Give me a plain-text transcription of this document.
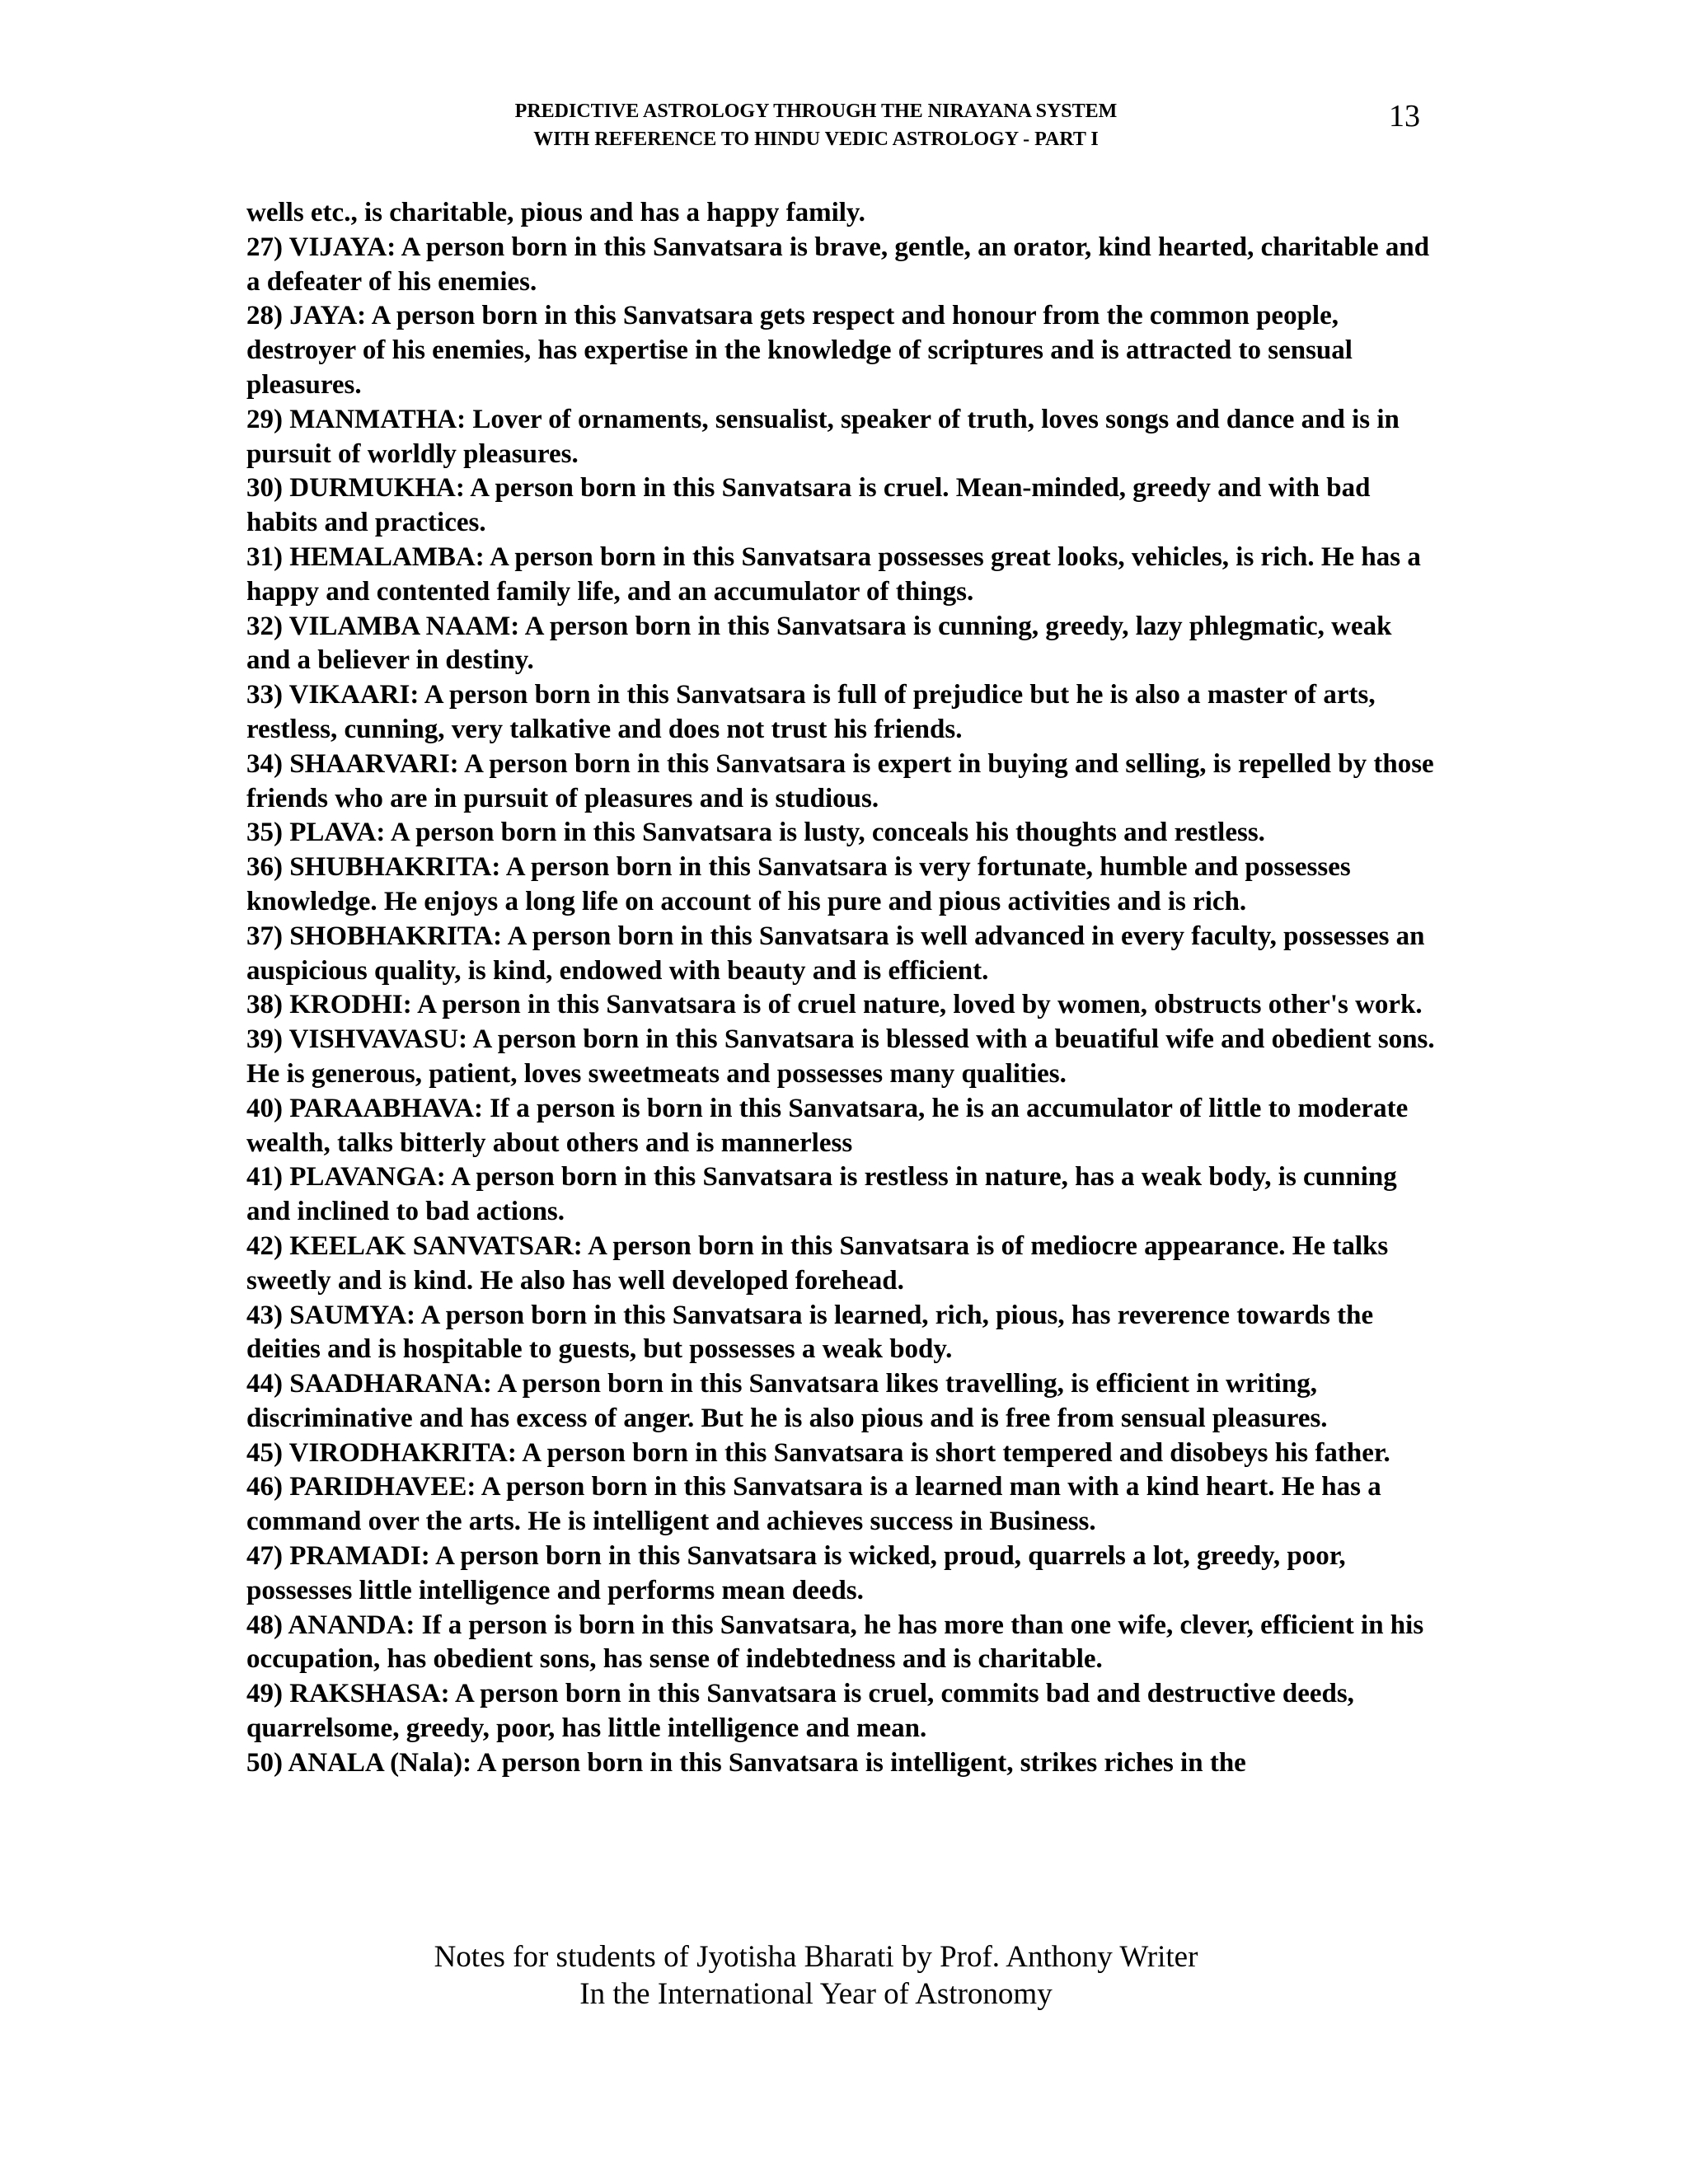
PREDICTIVE ASTROLOGY THROUGH THE NIRAYANA SYSTEM
WITH REFERENCE TO HINDU VEDIC ASTROLOGY - PART I
13

wells etc., is charitable, pious and has a happy family.

27) VIJAYA: A person born in this Sanvatsara is brave, gentle, an orator, kind hearted, charitable and a defeater of his enemies.

28) JAYA: A person born in this Sanvatsara gets respect and honour from the common people, destroyer of his enemies, has expertise in the knowledge of scriptures and is attracted to sensual pleasures.

29) MANMATHA: Lover of ornaments, sensualist, speaker of truth, loves songs and dance and is in pursuit of worldly pleasures.

30) DURMUKHA: A person born in this Sanvatsara is cruel. Mean-minded, greedy and with bad habits and practices.

31) HEMALAMBA: A person born in this Sanvatsara possesses great looks, vehicles, is rich. He has a happy and contented family life, and an accumulator of things.

32) VILAMBA NAAM: A person born in this Sanvatsara is cunning, greedy, lazy phlegmatic, weak and a believer in destiny.

33) VIKAARI: A person born in this Sanvatsara is full of prejudice but he is also a master of arts, restless, cunning, very talkative and does not trust his friends.

34) SHAARVARI: A person born in this Sanvatsara is expert in buying and selling, is repelled by those friends who are in pursuit of pleasures and is studious.

35) PLAVA: A person born in this Sanvatsara is lusty, conceals his thoughts and restless.

36) SHUBHAKRITA: A person born in this Sanvatsara is very fortunate, humble and possesses knowledge. He enjoys a long life on account of his pure and pious activities and is rich.

37) SHOBHAKRITA: A person born in this Sanvatsara is well advanced in every faculty, possesses an auspicious quality, is kind, endowed with beauty and is efficient.

38) KRODHI: A person in this Sanvatsara is of cruel nature, loved by women, obstructs other's work.

39) VISHVAVASU: A person born in this Sanvatsara is blessed with a beuatiful wife and obedient sons. He is generous, patient, loves sweetmeats and possesses many qualities.

40) PARAABHAVA: If a person is born in this Sanvatsara, he is an accumulator of little to moderate wealth, talks bitterly about others and is mannerless

41) PLAVANGA: A person born in this Sanvatsara is restless in nature, has a weak body, is cunning and inclined to bad actions.

42) KEELAK SANVATSAR: A person born in this Sanvatsara is of mediocre appearance. He talks sweetly and is kind. He also has well developed forehead.

43) SAUMYA: A person born in this Sanvatsara is learned, rich, pious, has reverence towards the deities and is hospitable to guests, but possesses a weak body.

44) SAADHARANA: A person born in this Sanvatsara likes travelling, is efficient in writing, discriminative and has excess of anger. But he is also pious and is free from sensual pleasures.

45) VIRODHAKRITA: A person born in this Sanvatsara is short tempered and disobeys his father.

46) PARIDHAVEE: A person born in this Sanvatsara is a learned man with a kind heart. He has a command over the arts. He is intelligent and achieves success in Business.

47) PRAMADI: A person born in this Sanvatsara is wicked, proud, quarrels a lot, greedy, poor, possesses little intelligence and performs mean deeds.

48) ANANDA: If a person is born in this Sanvatsara, he has more than one wife, clever, efficient in his occupation, has obedient sons, has sense of indebtedness and is charitable.

49) RAKSHASA: A person born in this Sanvatsara is cruel, commits bad and destructive deeds, quarrelsome, greedy, poor, has little intelligence and mean.

50) ANALA (Nala): A person born in this Sanvatsara is intelligent, strikes riches in the

Notes for students of Jyotisha Bharati by Prof. Anthony Writer
In the International Year of Astronomy
